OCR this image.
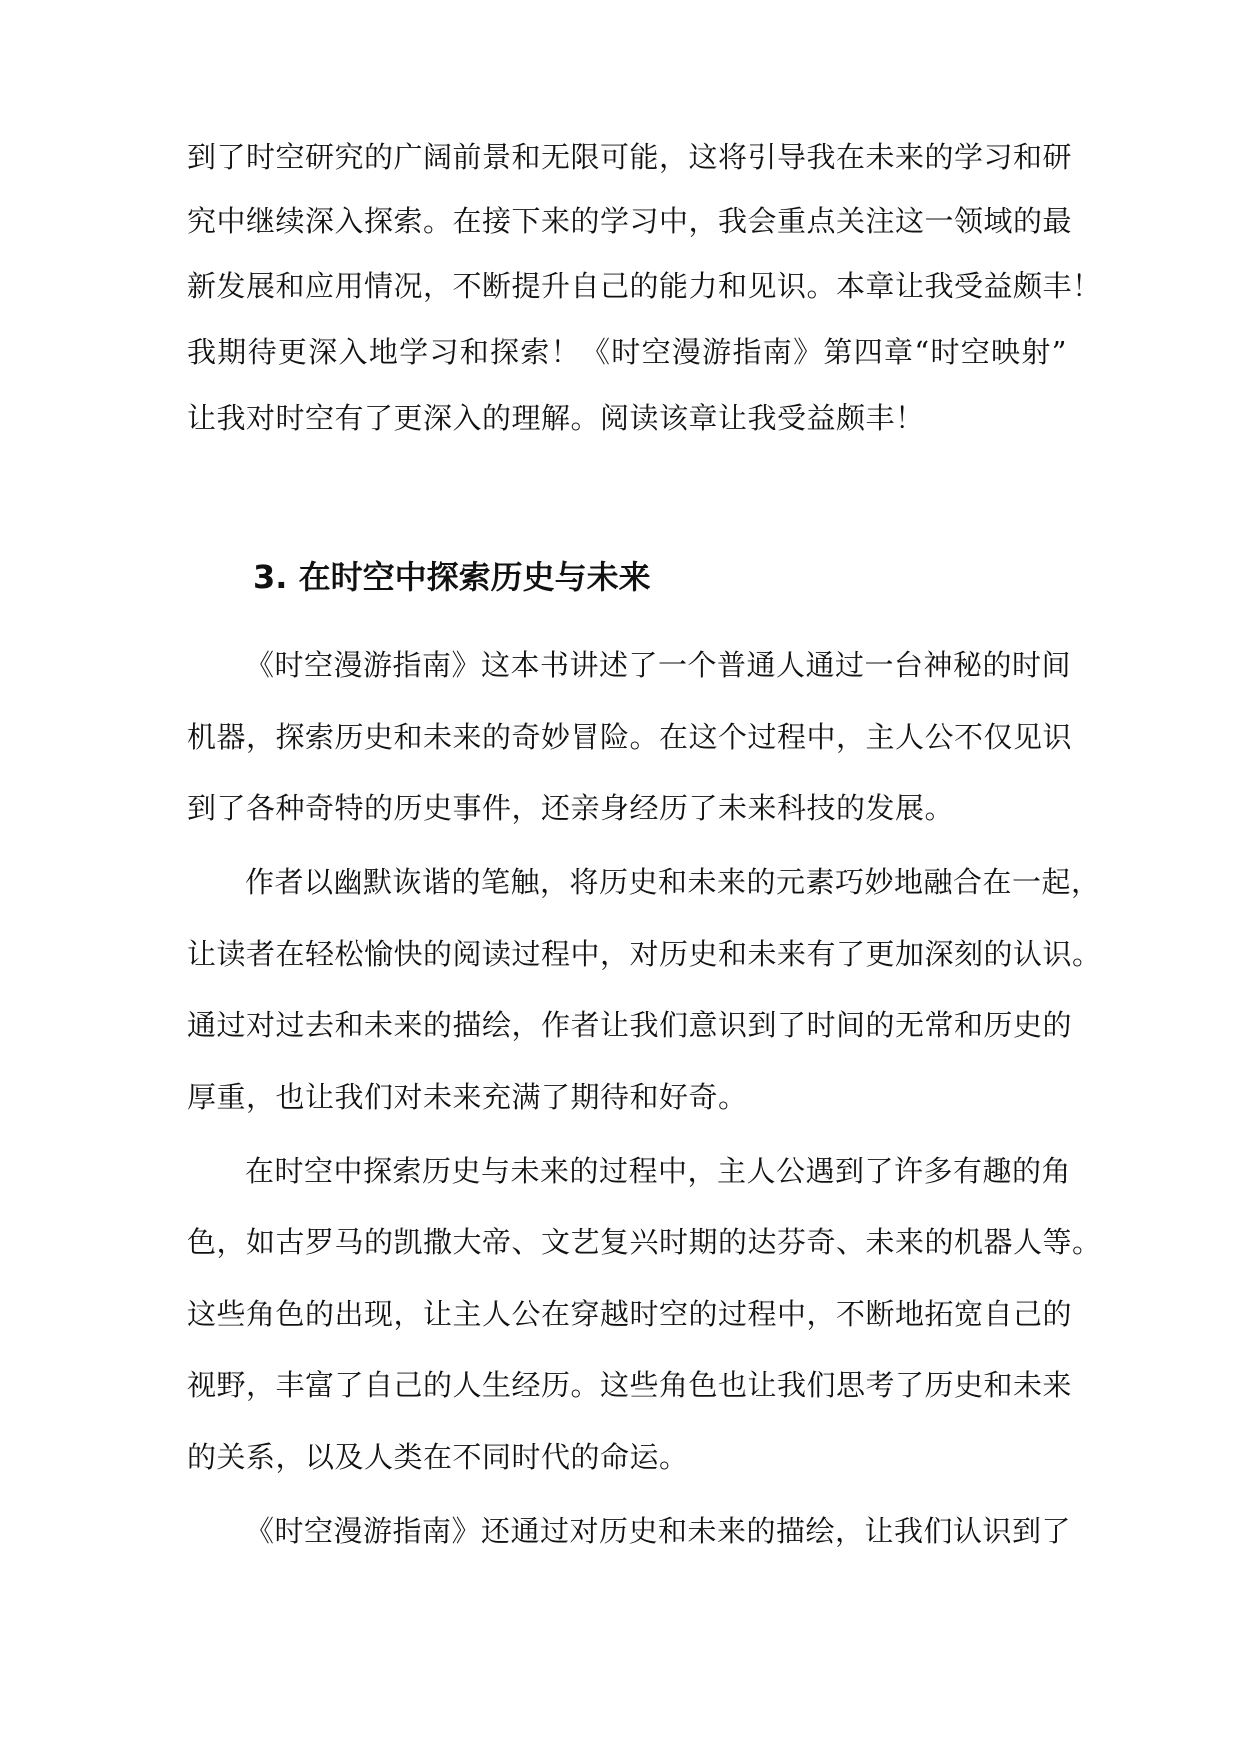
到了时空研究的广阔前景和无限可能，这将引导我在未来的学习和研
究中继续深入探索。在接下来的学习中，我会重点关注这一领域的最
新发展和应用情况，不断提升自己的能力和见识。本章让我受益颇丰！
我期待更深入地学习和探索！《时空漫游指南》第四章“时空映射”
让我对时空有了更深入的理解。阅读该章让我受益颇丰！
3. 在时空中探索历史与未来
《时空漫游指南》这本书讲述了一个普通人通过一台神秘的时间
机器，探索历史和未来的奇妙冒险。在这个过程中，主人公不仅见识
到了各种奇特的历史事件，还亲身经历了未来科技的发展。
作者以幽默诙谐的笔触，将历史和未来的元素巧妙地融合在一起，
让读者在轻松愉快的阅读过程中，对历史和未来有了更加深刻的认识。
通过对过去和未来的描绘，作者让我们意识到了时间的无常和历史的
厚重，也让我们对未来充满了期待和好奇。
在时空中探索历史与未来的过程中，主人公遇到了许多有趣的角
色，如古罗马的凯撒大帝、文艺复兴时期的达芬奇、未来的机器人等。
这些角色的出现，让主人公在穿越时空的过程中，不断地拓宽自己的
视野，丰富了自己的人生经历。这些角色也让我们思考了历史和未来
的关系，以及人类在不同时代的命运。
《时空漫游指南》还通过对历史和未来的描绘，让我们认识到了
